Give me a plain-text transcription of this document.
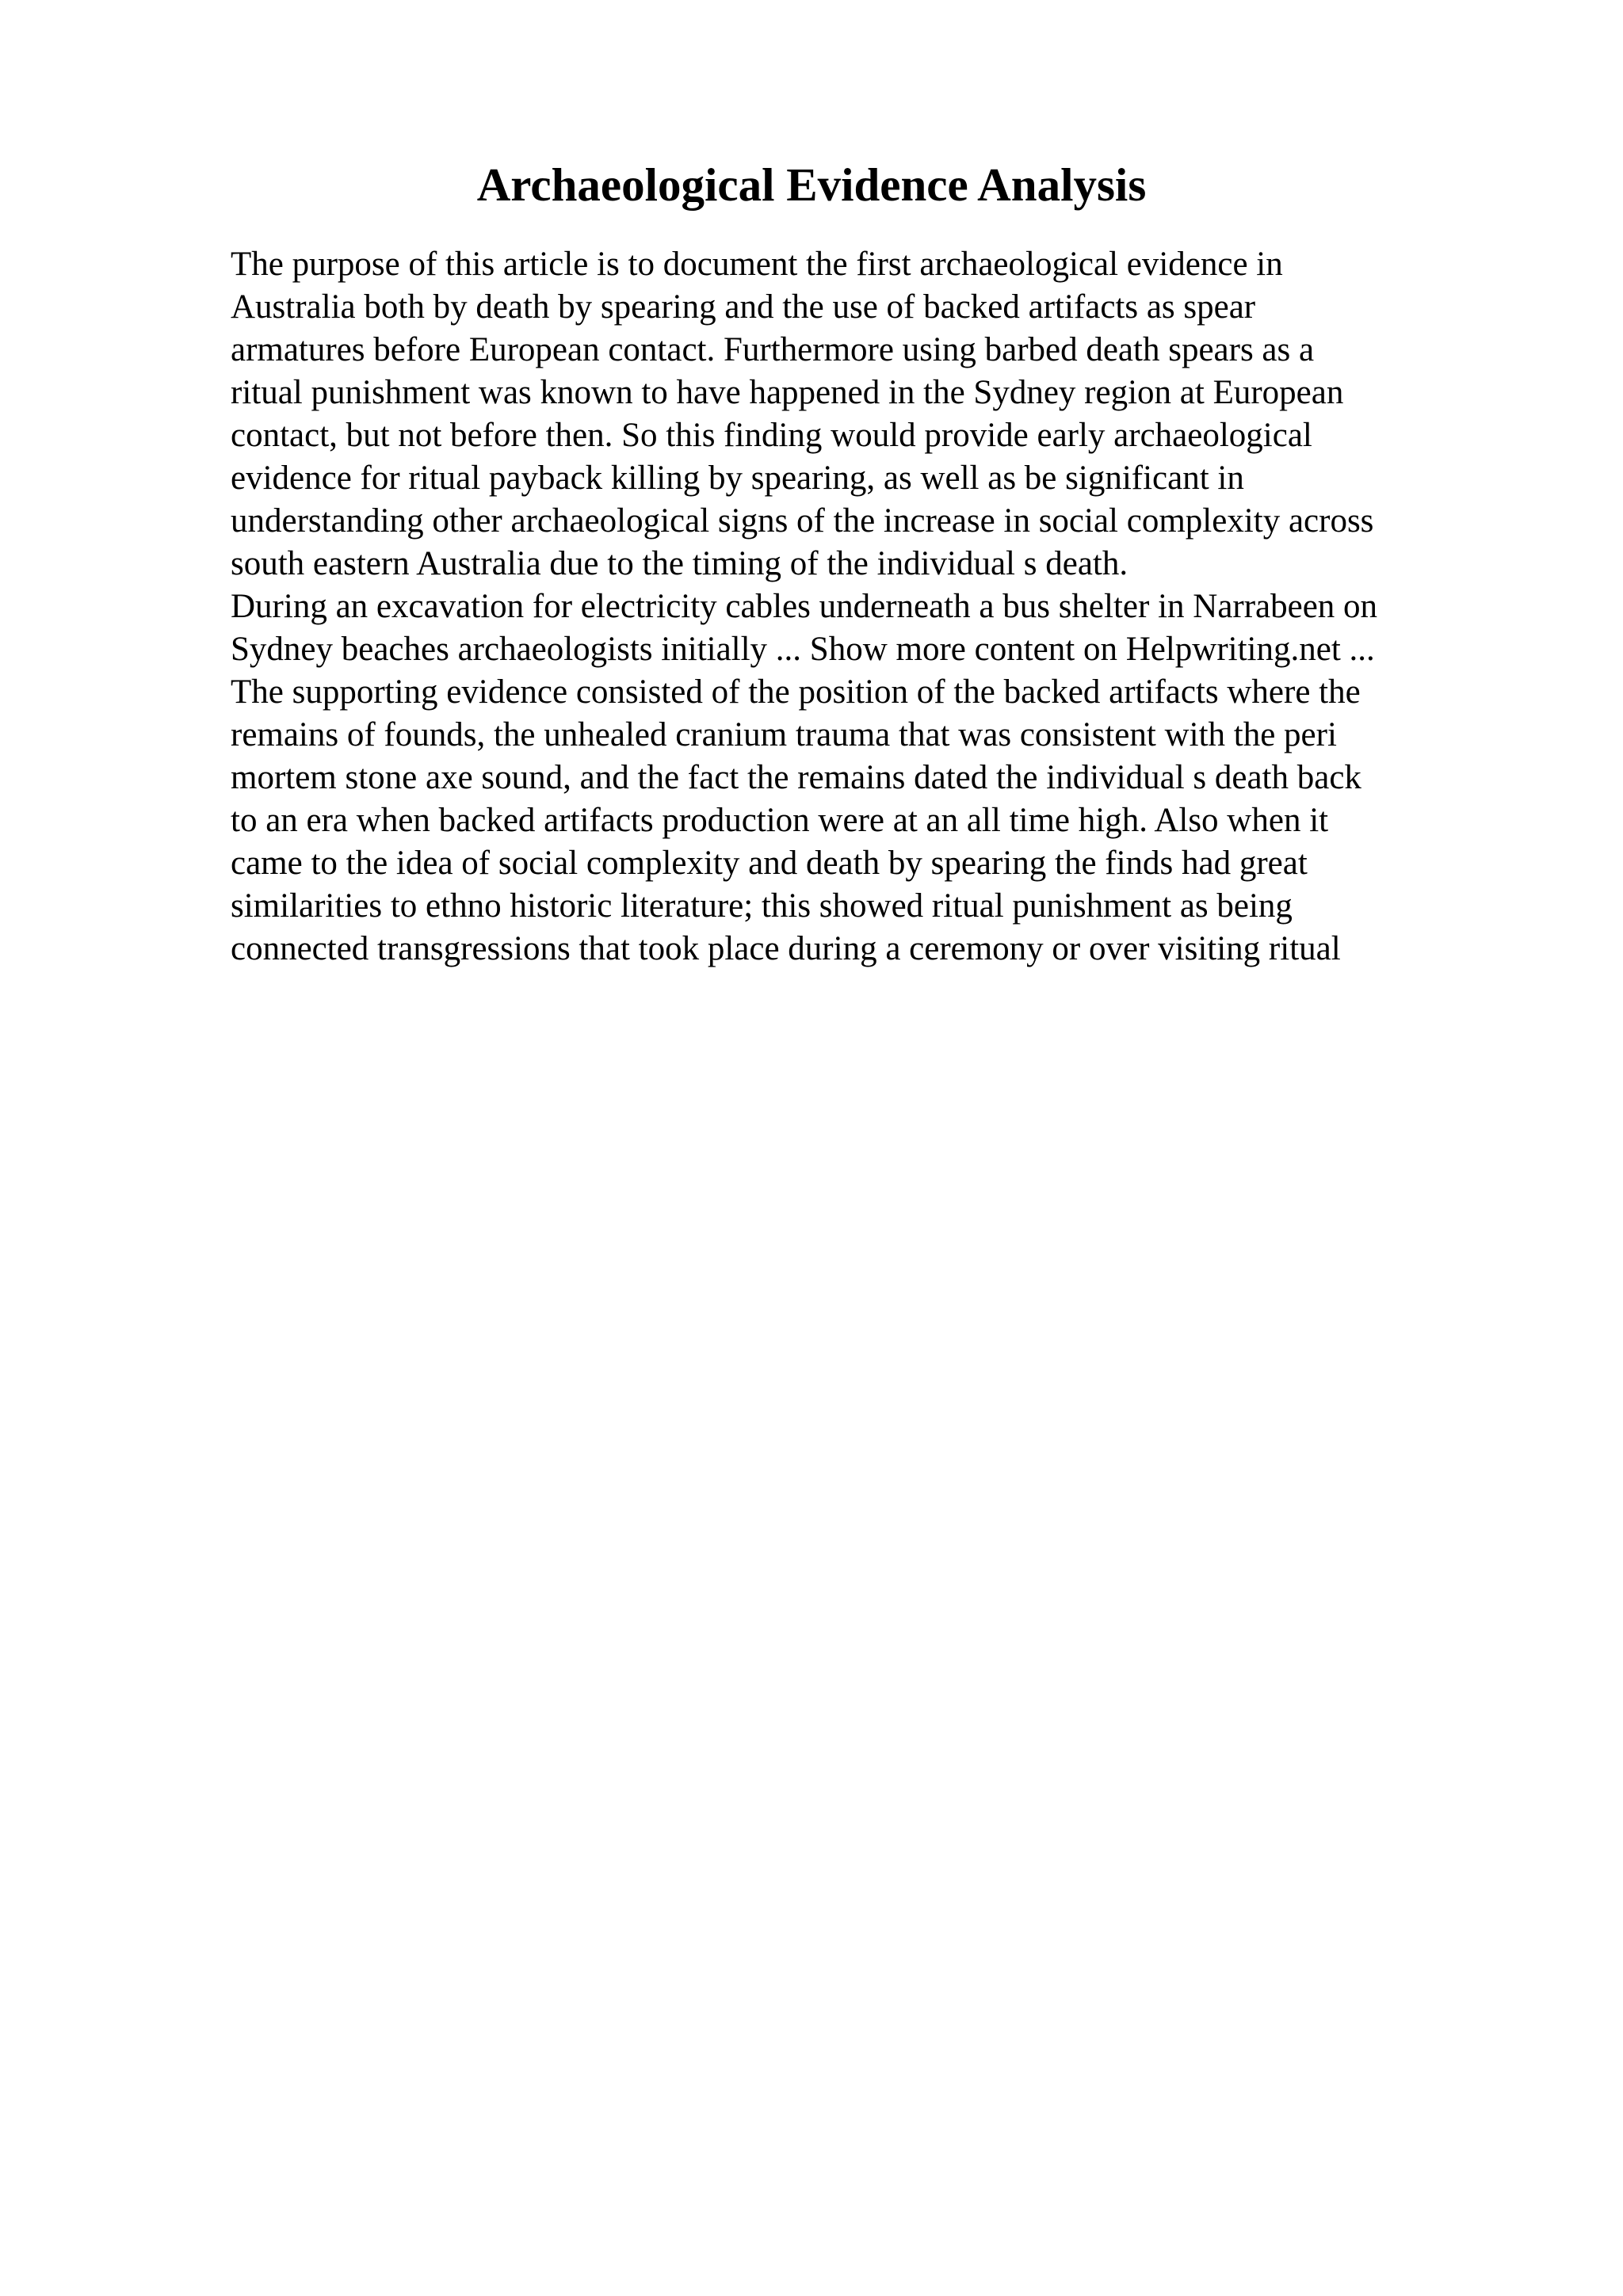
Archaeological Evidence Analysis
The purpose of this article is to document the first archaeological evidence in
Australia both by death by spearing and the use of backed artifacts as spear
armatures before European contact. Furthermore using barbed death spears as a
ritual punishment was known to have happened in the Sydney region at European
contact, but not before then. So this finding would provide early archaeological
evidence for ritual payback killing by spearing, as well as be significant in
understanding other archaeological signs of the increase in social complexity across
south eastern Australia due to the timing of the individual s death.
During an excavation for electricity cables underneath a bus shelter in Narrabeen on
Sydney beaches archaeologists initially ... Show more content on Helpwriting.net ...
The supporting evidence consisted of the position of the backed artifacts where the
remains of founds, the unhealed cranium trauma that was consistent with the peri
mortem stone axe sound, and the fact the remains dated the individual s death back
to an era when backed artifacts production were at an all time high. Also when it
came to the idea of social complexity and death by spearing the finds had great
similarities to ethno historic literature; this showed ritual punishment as being
connected transgressions that took place during a ceremony or over visiting ritual
